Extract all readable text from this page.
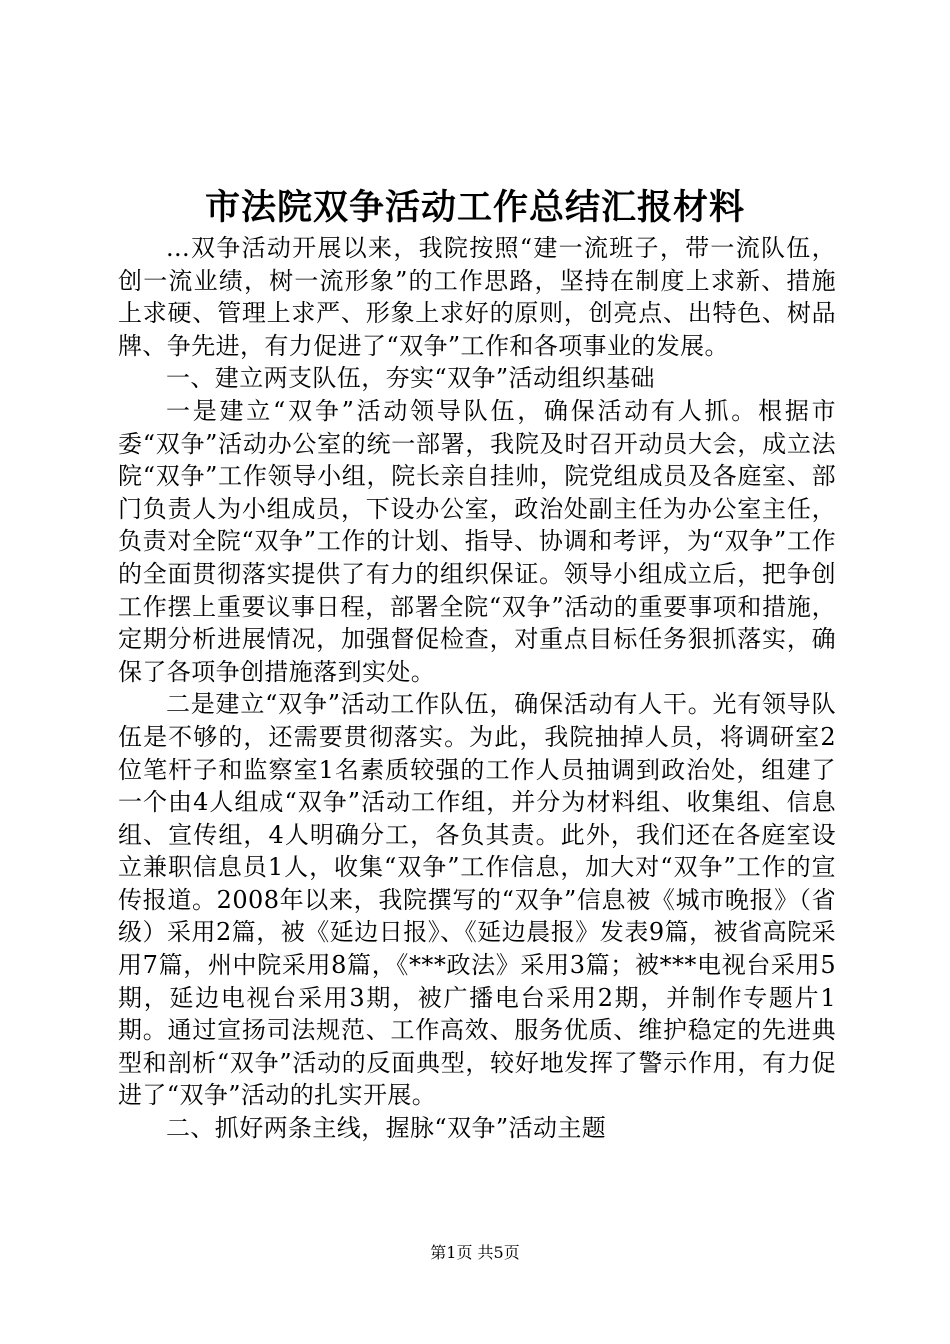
市法院双争活动工作总结汇报材料

...双争活动开展以来，我院按照“建一流班子，带一流队伍，创一流业绩，树一流形象”的工作思路，坚持在制度上求新、措施上求硬、管理上求严、形象上求好的原则，创亮点、出特色、树品牌、争先进，有力促进了“双争”工作和各项事业的发展。

一、建立两支队伍，夯实“双争”活动组织基础

一是建立“双争”活动领导队伍，确保活动有人抓。根据市委“双争”活动办公室的统一部署，我院及时召开动员大会，成立法院“双争”工作领导小组，院长亲自挂帅，院党组成员及各庭室、部门负责人为小组成员，下设办公室，政治处副主任为办公室主任，负责对全院“双争”工作的计划、指导、协调和考评，为“双争”工作的全面贯彻落实提供了有力的组织保证。领导小组成立后，把争创工作摆上重要议事日程，部署全院“双争”活动的重要事项和措施，定期分析进展情况，加强督促检查，对重点目标任务狠抓落实，确保了各项争创措施落到实处。

二是建立“双争”活动工作队伍，确保活动有人干。光有领导队伍是不够的，还需要贯彻落实。为此，我院抽掉人员，将调研室2位笔杆子和监察室1名素质较强的工作人员抽调到政治处，组建了一个由4人组成“双争”活动工作组，并分为材料组、收集组、信息组、宣传组，4人明确分工，各负其责。此外，我们还在各庭室设立兼职信息员1人，收集“双争”工作信息，加大对“双争”工作的宣传报道。2008年以来，我院撰写的“双争”信息被《城市晚报》（省级）采用2篇，被《延边日报》、《延边晨报》发表9篇，被省高院采用7篇，州中院采用8篇，《***政法》采用3篇；被***电视台采用5期，延边电视台采用3期，被广播电台采用2期，并制作专题片1期。通过宣扬司法规范、工作高效、服务优质、维护稳定的先进典型和剖析“双争”活动的反面典型，较好地发挥了警示作用，有力促进了“双争”活动的扎实开展。

二、抓好两条主线，握脉“双争”活动主题

第1页 共5页
